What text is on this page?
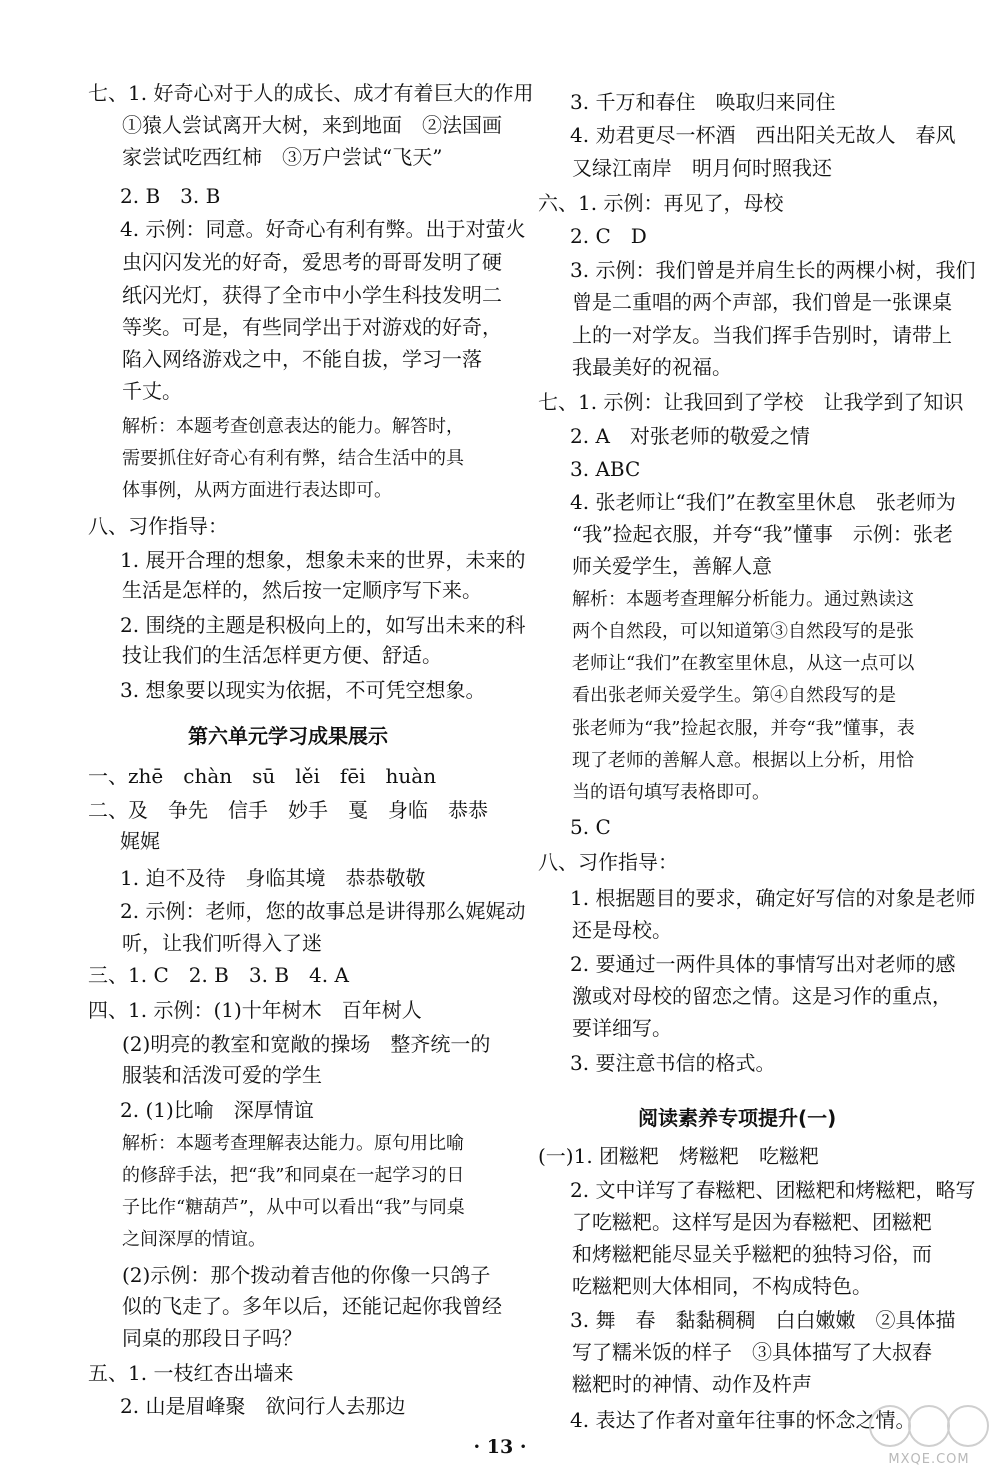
七、1. 好奇心对于人的成长、成才有着巨大的作用
①猿人尝试离开大树，来到地面　②法国画
家尝试吃西红柿　③万户尝试“飞天”
2. B　3. B
4. 示例：同意。好奇心有利有弊。出于对萤火
虫闪闪发光的好奇，爱思考的哥哥发明了硬
纸闪光灯，获得了全市中小学生科技发明二
等奖。可是，有些同学出于对游戏的好奇，
陷入网络游戏之中，不能自拔，学习一落
千丈。
解析：本题考查创意表达的能力。解答时，
需要抓住好奇心有利有弊，结合生活中的具
体事例，从两方面进行表达即可。
八、习作指导：
1. 展开合理的想象，想象未来的世界，未来的
生活是怎样的，然后按一定顺序写下来。
2. 围绕的主题是积极向上的，如写出未来的科
技让我们的生活怎样更方便、舒适。
3. 想象要以现实为依据，不可凭空想象。
第六单元学习成果展示
一、zhē　chàn　sū　lěi　fēi　huàn
二、及　争先　信手　妙手　戛　身临　恭恭
娓娓
1. 迫不及待　身临其境　恭恭敬敬
2. 示例：老师，您的故事总是讲得那么娓娓动
听，让我们听得入了迷
三、1. C　2. B　3. B　4. A
四、1. 示例：(1)十年树木　百年树人
(2)明亮的教室和宽敞的操场　整齐统一的
服装和活泼可爱的学生
2. (1)比喻　深厚情谊
解析：本题考查理解表达能力。原句用比喻
的修辞手法，把“我”和同桌在一起学习的日
子比作“糖葫芦”，从中可以看出“我”与同桌
之间深厚的情谊。
(2)示例：那个拨动着吉他的你像一只鸽子
似的飞走了。多年以后，还能记起你我曾经
同桌的那段日子吗？
五、1. 一枝红杏出墙来
2. 山是眉峰聚　欲问行人去那边
3. 千万和春住　唤取归来同住
4. 劝君更尽一杯酒　西出阳关无故人　春风
又绿江南岸　明月何时照我还
六、1. 示例：再见了，母校
2. C　D
3. 示例：我们曾是并肩生长的两棵小树，我们
曾是二重唱的两个声部，我们曾是一张课桌
上的一对学友。当我们挥手告别时，请带上
我最美好的祝福。
七、1. 示例：让我回到了学校　让我学到了知识
2. A　对张老师的敬爱之情
3. ABC
4. 张老师让“我们”在教室里休息　张老师为
“我”捡起衣服，并夸“我”懂事　示例：张老
师关爱学生，善解人意
解析：本题考查理解分析能力。通过熟读这
两个自然段，可以知道第③自然段写的是张
老师让“我们”在教室里休息，从这一点可以
看出张老师关爱学生。第④自然段写的是
张老师为“我”捡起衣服，并夸“我”懂事，表
现了老师的善解人意。根据以上分析，用恰
当的语句填写表格即可。
5. C
八、习作指导：
1. 根据题目的要求，确定好写信的对象是老师
还是母校。
2. 要通过一两件具体的事情写出对老师的感
激或对母校的留恋之情。这是习作的重点，
要详细写。
3. 要注意书信的格式。
阅读素养专项提升(一)
(一)1. 团糍粑　烤糍粑　吃糍粑
2. 文中详写了春糍粑、团糍粑和烤糍粑，略写
了吃糍粑。这样写是因为春糍粑、团糍粑
和烤糍粑能尽显关乎糍粑的独特习俗，而
吃糍粑则大体相同，不构成特色。
3. 舞　春　黏黏稠稠　白白嫩嫩　②具体描
写了糯米饭的样子　③具体描写了大叔舂
糍粑时的神情、动作及杵声
4. 表达了作者对童年往事的怀念之情。
· 13 ·
MXQE.COM
